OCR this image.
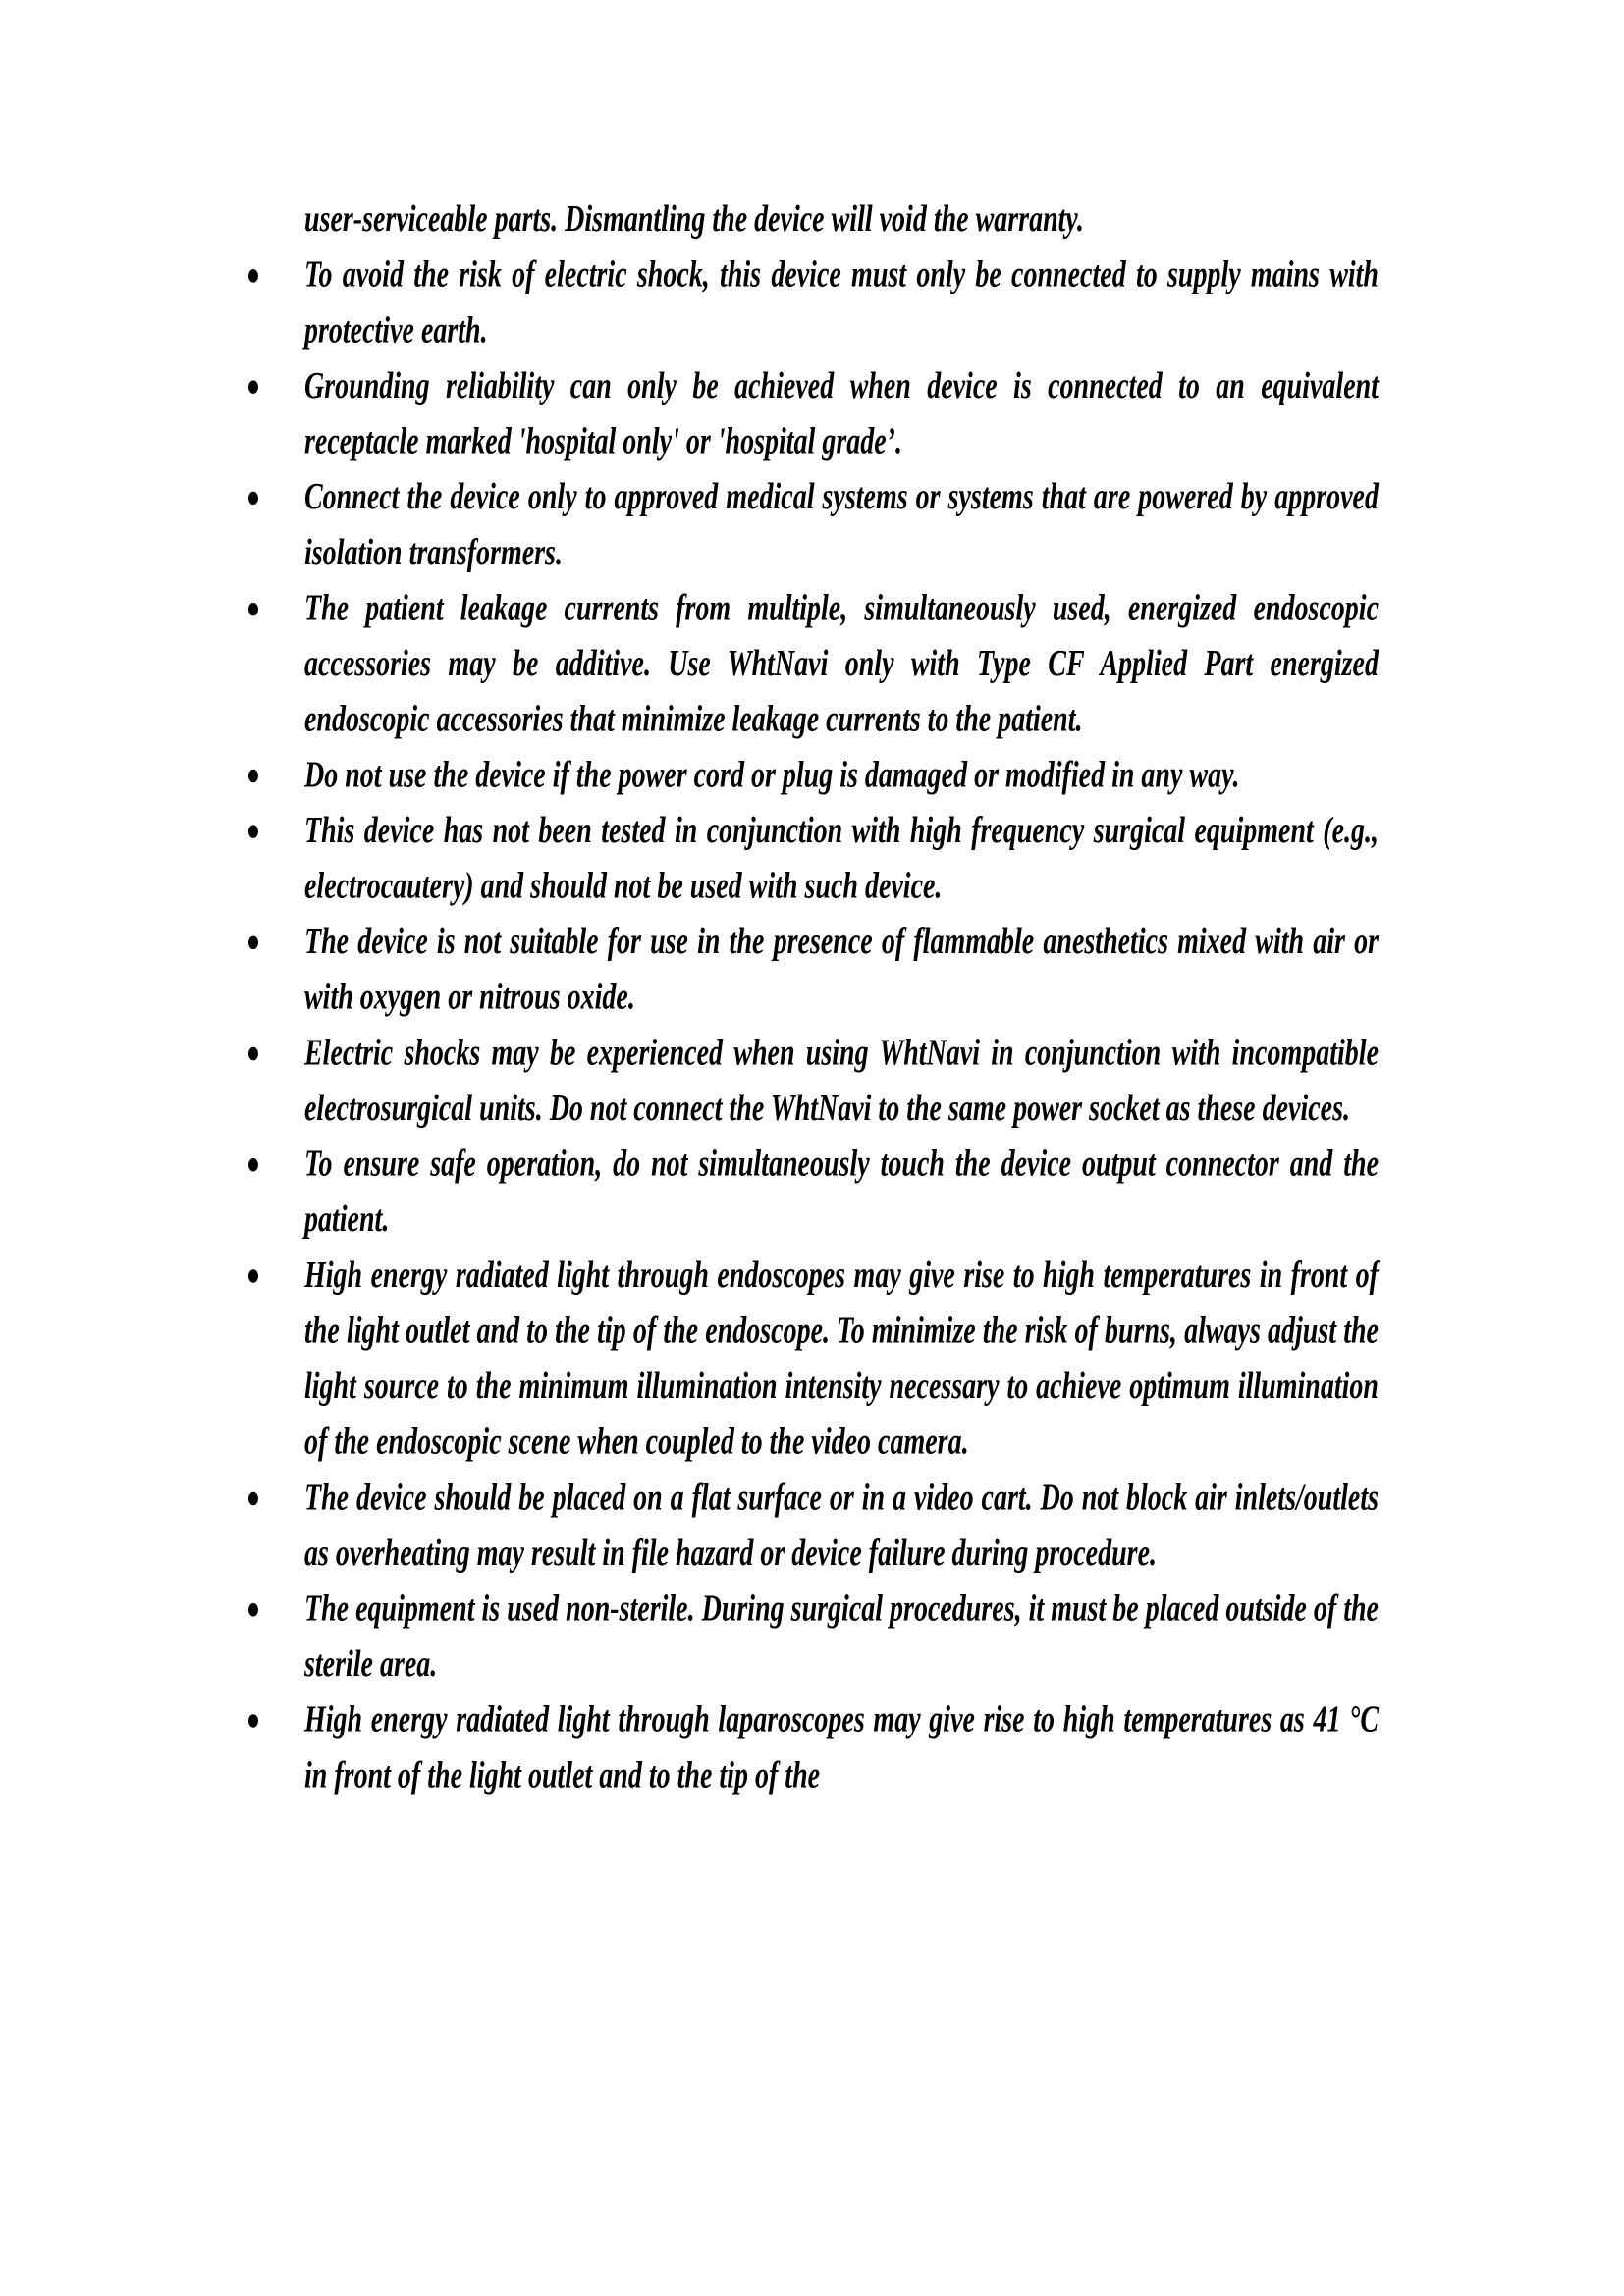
user-serviceable parts. Dismantling the device will void the warranty.

To avoid the risk of electric shock, this device must only be connected to supply mains with protective earth.

Grounding reliability can only be achieved when device is connected to an equivalent receptacle marked 'hospital only' or 'hospital grade’.

Connect the device only to approved medical systems or systems that are powered by approved isolation transformers.

The patient leakage currents from multiple, simultaneously used, energized endoscopic accessories may be additive. Use WhtNavi only with Type CF Applied Part energized endoscopic accessories that minimize leakage currents to the patient.

Do not use the device if the power cord or plug is damaged or modified in any way.

This device has not been tested in conjunction with high frequency surgical equipment (e.g., electrocautery) and should not be used with such device.

The device is not suitable for use in the presence of flammable anesthetics mixed with air or with oxygen or nitrous oxide.

Electric shocks may be experienced when using WhtNavi in conjunction with incompatible electrosurgical units. Do not connect the WhtNavi to the same power socket as these devices.

To ensure safe operation, do not simultaneously touch the device output connector and the patient.

High energy radiated light through endoscopes may give rise to high temperatures in front of the light outlet and to the tip of the endoscope. To minimize the risk of burns, always adjust the light source to the minimum illumination intensity necessary to achieve optimum illumination of the endoscopic scene when coupled to the video camera.

The device should be placed on a flat surface or in a video cart. Do not block air inlets/outlets as overheating may result in file hazard or device failure during procedure.

The equipment is used non-sterile. During surgical procedures, it must be placed outside of the sterile area.

High energy radiated light through laparoscopes may give rise to high temperatures as 41 °C in front of the light outlet and to the tip of the
